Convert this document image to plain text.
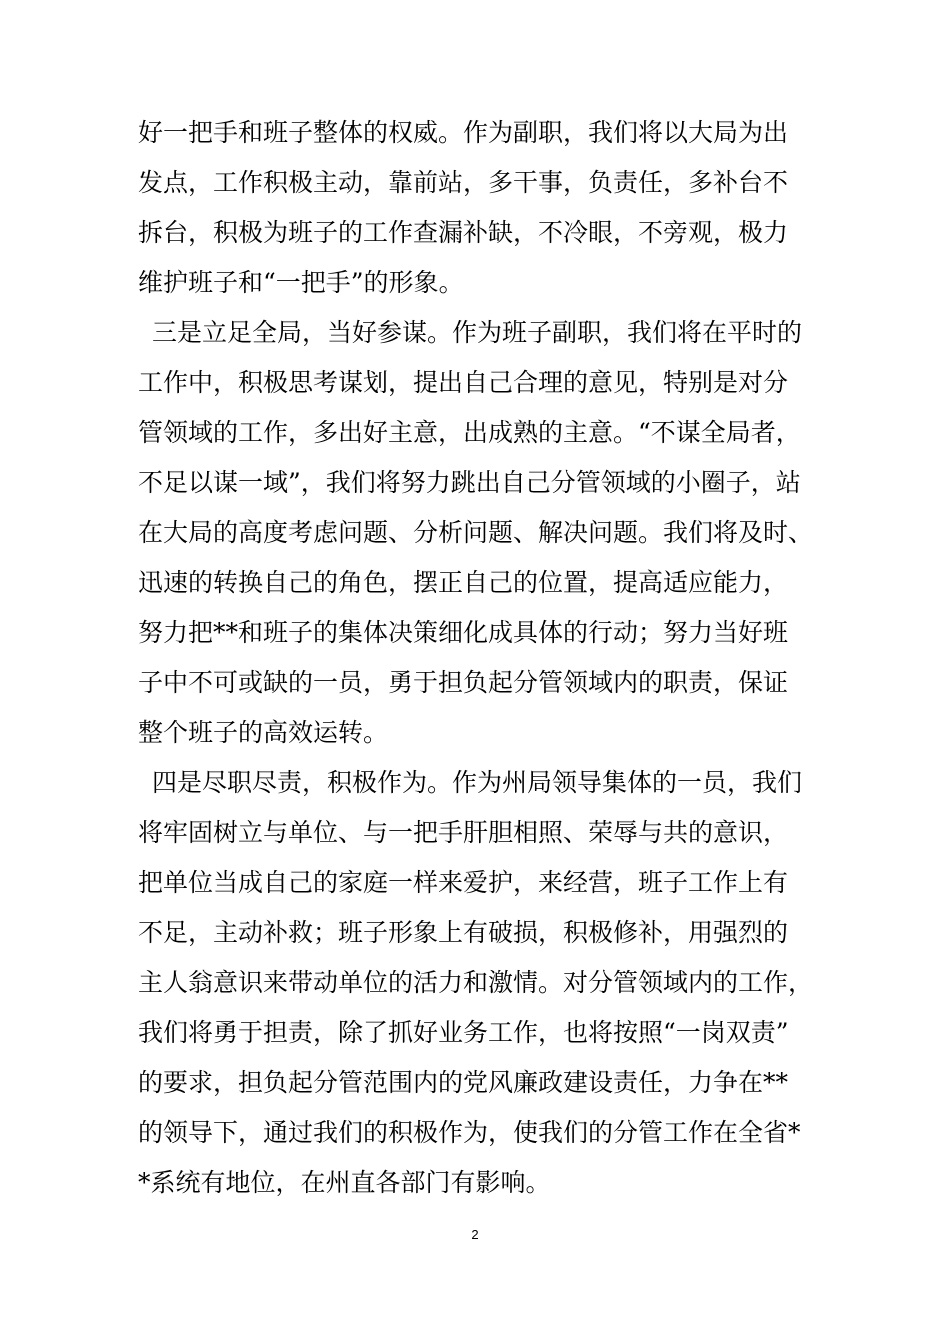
好一把手和班子整体的权威。作为副职，我们将以大局为出
发点，工作积极主动，靠前站，多干事，负责任，多补台不
拆台，积极为班子的工作查漏补缺，不冷眼，不旁观，极力
维护班子和“一把手”的形象。
三是立足全局，当好参谋。作为班子副职，我们将在平时的
工作中，积极思考谋划，提出自己合理的意见，特别是对分
管领域的工作，多出好主意，出成熟的主意。“不谋全局者，
不足以谋一域”，我们将努力跳出自己分管领域的小圈子，站
在大局的高度考虑问题、分析问题、解决问题。我们将及时、
迅速的转换自己的角色，摆正自己的位置，提高适应能力，
努力把**和班子的集体决策细化成具体的行动；努力当好班
子中不可或缺的一员，勇于担负起分管领域内的职责，保证
整个班子的高效运转。
四是尽职尽责，积极作为。作为州局领导集体的一员，我们
将牢固树立与单位、与一把手肝胆相照、荣辱与共的意识，
把单位当成自己的家庭一样来爱护，来经营，班子工作上有
不足，主动补救；班子形象上有破损，积极修补，用强烈的
主人翁意识来带动单位的活力和激情。对分管领域内的工作，
我们将勇于担责，除了抓好业务工作，也将按照“一岗双责”
的要求，担负起分管范围内的党风廉政建设责任，力争在**
的领导下，通过我们的积极作为，使我们的分管工作在全省*
*系统有地位，在州直各部门有影响。
2
